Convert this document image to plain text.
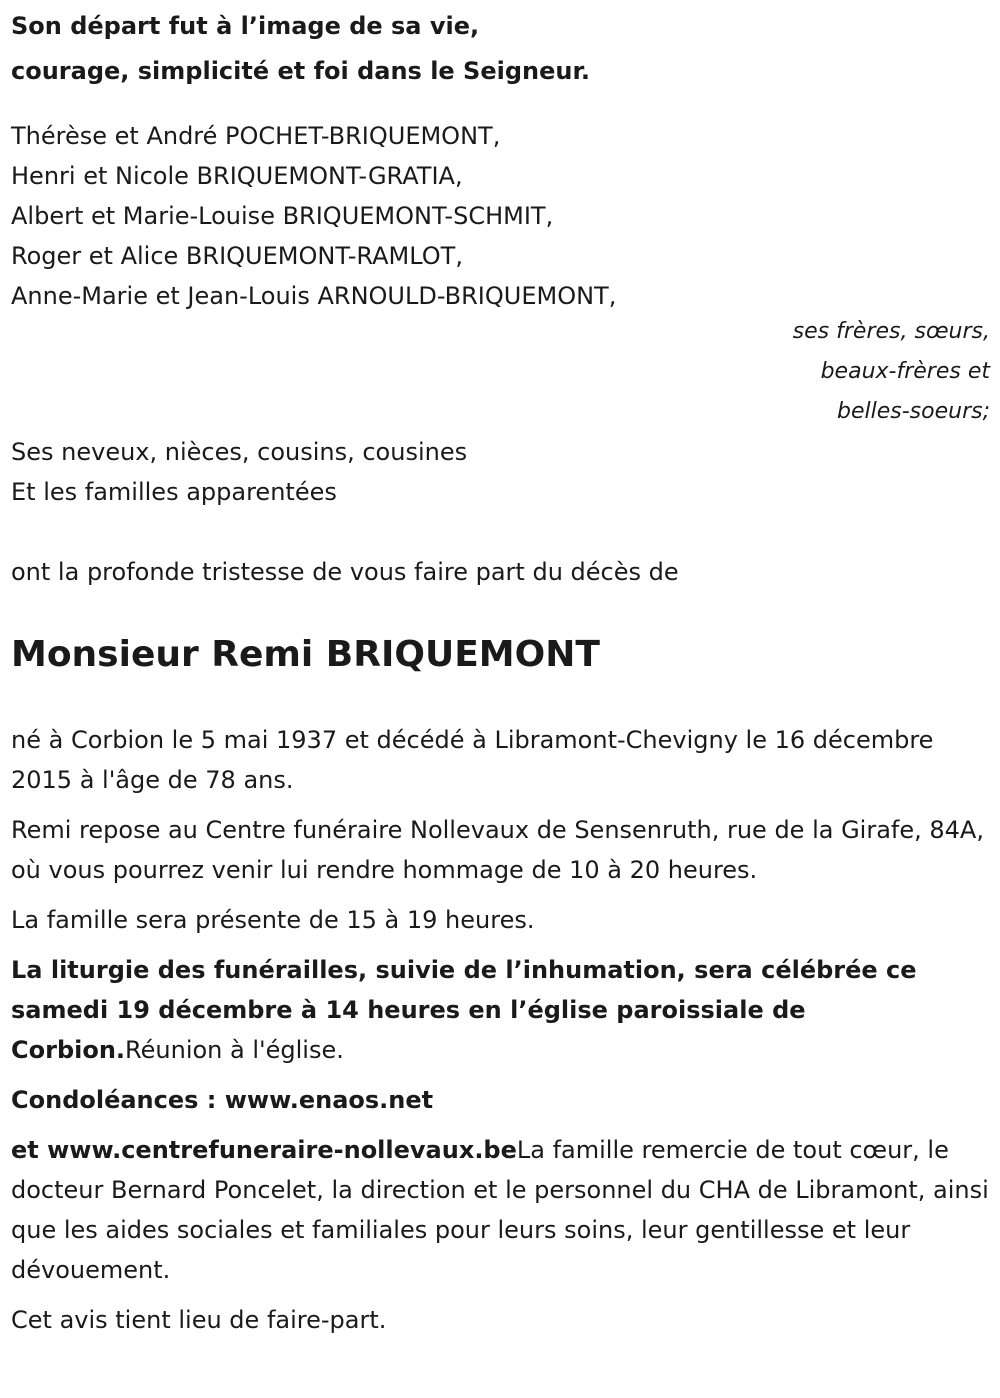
Son départ fut à l’image de sa vie,

courage, simplicité et foi dans le Seigneur.

Thérèse et André POCHET-BRIQUEMONT,

Henri et Nicole BRIQUEMONT-GRATIA,

Albert et Marie-Louise BRIQUEMONT-SCHMIT,

Roger et Alice BRIQUEMONT-RAMLOT,

Anne-Marie et Jean-Louis ARNOULD-BRIQUEMONT,

ses frères, sœurs,

beaux-frères et

belles-soeurs;

Ses neveux, nièces, cousins, cousines

Et les familles apparentées

ont la profonde tristesse de vous faire part du décès de

Monsieur Remi BRIQUEMONT

né à Corbion le 5 mai 1937 et décédé à Libramont-Chevigny le 16 décembre 2015 à l'âge de 78 ans.

Remi repose au Centre funéraire Nollevaux de Sensenruth, rue de la Girafe, 84A, où vous pourrez venir lui rendre hommage de 10 à 20 heures.

La famille sera présente de 15 à 19 heures.

La liturgie des funérailles, suivie de l’inhumation, sera célébrée ce samedi 19 décembre à 14 heures en l’église paroissiale de Corbion.Réunion à l'église.

Condoléances : www.enaos.net

et www.centrefuneraire-nollevaux.beLa famille remercie de tout cœur, le docteur Bernard Poncelet, la direction et le personnel du CHA de Libramont, ainsi que les aides sociales et familiales pour leurs soins, leur gentillesse et leur dévouement.

Cet avis tient lieu de faire-part.
